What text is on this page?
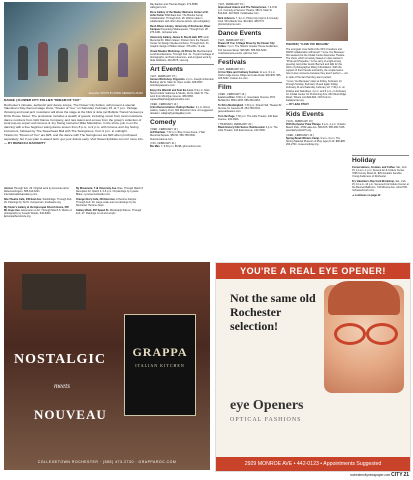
Ensemble. PHOTO BY ROBIN GERMANY-LOUGH

DANCE | FLOWER CITY FOLLIES "DREAM OF YOU"

Rochester's intimate, authentic jazz dance troupe, The Flower City Follies, will present a special Valentine's Day-themed stage show, "Dream of You," on Saturday, February 15, at 7 p.m. Vintage-throwing and local jazz musicians will show the stage at the Nick & Julie (at Multiple Transit Venues) a DOG House Street. The production includes a wealth of guests, including music from local musicians, dance numbers from Glitz Dance Company, and rare talent and emcee from the group's collection of local pop-up expert and Groove & Joy Swing instructor Mike Mandolino. In the show, join in on the dancing with a free beginner swing dance lesson from 8 p.m. to 9 p.m. with Groove and Joy Swing instructors, followed by The Sweetheart Ball with The Swingtones, from 9 p.m. to midnight.

Tickets for "Dream of You" are $25, and the dance with The Swingtones are $20 when purchased separately, but if you plan to attend both, get your tickets early. Visit flowercityfollies.com for more info. — BY REBECCA RAFFERTY

Amicus Through Feb. 29. Original work by American artist Rebecca Rogers. 585-613-5221. internationalartsacademy.com.

Site Theatre Café, 340 East Ave. Stockbridge. Through Feb. 29. Paintings by Tod N. Cooperman. tinstheatre.org.

My Sister's Gallery at the Episcopal Church Home, 505 Mt. Hope Ave. Adventures in Art. Through March 6. Works of photography by Joseph Woods. 546-8400. EpiscopalSeniorLife.org.

Ny Movement, 7 Hi University Ave. Rise. Through March 8. Reception Fri. March 6, 6-8 p.m. Oil paintings by Lynette Blake. nymovementstudio.com.

Orange Glory Cafe, 240 East Ave. A Heroine Sample. Through Feb. 29. Large-scale and cut paintings by the Rochester Heroine-Team.

Gallery Ward, 287 Speed St. Mississippi Silence. Through Feb. 27. Paintings on oil and acrylic.

Ray Easton and Thomas Ragan. 272-5888. valleyjazz.com.

Ross Gallery of the Skalny Welcome Center at St. John Fisher 3690 East Ave. The Brooks Group Collaboration. Through Feb. 28. Works made in collaboration with other diverse artists. sjfc.edu/gallery.

Rush Rhees Library, University of Rochester, River Campus Presenting Shakespeare. Through Feb. 28. 275-4461. rochester.edu.

University Gallery, James E. Booth Hall, RIT Lomb Memorial Dr. Milton Glaser: Posters from the Hanesh Center for Design Studies Archives. Through Feb. 21. Graphic design of Milton Glaser. 475-2411. rit.edu.

Visual Studies Workshop, 31 Prince St. Mechanical & Lucid Recollections. Through Feb. 21. Tri-part trunkage of photographs, archival references, and art glass work by Aida Goldstein. 442-8676. vsw.org.

Art Events

[ SAT., FEBRUARY 15 ]
Amoun Workshop: Drypoints. 2 p.m. Joseph Arboretum Building 112 E. Main St. Open studio. 489-9537. fromthegrapevine.com.

Enjoy the Warmth and Feel the Love. 5-9 p.m. Main Street Artists' Galleries & Studio, 112 E. Main St. The work from MoniQue Greene. 389-0683. squaredfilephotographystudios.com.

[ WED., FEBRUARY 19 ]
Artist Demonstration: Kathryn Barker. 2 p.m. Direct Gallery, Gallery of Art, 300 Rosethorn Ave. Art suggested donation. calligraphyartistgallery.com.

Comedy

[ WED., FEBRUARY 19 ]
Jeff Dunham. 7:30 p.m. Blue Cross Arena, 1 War Memorial Square. $56.50. 585-758-5300. bluecrossarena.com.

[ FRI., FEBRUARY 21 ]
Bio Max. 7, 9:30 p.m. $5-$8. glimmerbox.com.

[ SAT., FEBRUARY 15 ]
Improvised Jokers and The Twistertones. 7 & 9:30 p.m. Comedy at Seneca Theatre, 980 S. Main St. $12-$10. 322-5400. hiciatheater.com.

Nick Johnson. 7, 9 p.m. Photo City Improv & Comedy Club, 543 Atlantic Ave. $10-$15. 4807770. photocityimprov.com.

Dance Events

[ SAT., FEBRUARY 15 ]
Dream Of You: A Stage Show by the Flower City Follies. 7 p.m. The Historic Greater House Auditorium, 101 Geneva Street. $25-$30. 585-563-5242. muichsseneca.events. glimmer.com.

Festivals

[ SAT., FEBRUARY 15 ]
Art Ice Wine and Culinary Festival. 11 a.m.-5 p.m. Clark Lodge Arena, Ridge and Lake Road. $30-$35. 585-223-5222. crocker-inn.com.

Film

[ WED., FEBRUARY 19 ]
Love is a Kiss. 6:30 p.m. Greenlaws Cinema, 2571 Buffalo Rd. 8500-1093. 585-250-6363.

To Kill a Mockingbird. 7:30 p.m. Strand Hall, Theater 82 Sunrise St. Geneva 35. 253-789-5151. genevatheaters.com.

Turn the Page. 7:30 p.m. The Little Theatre, 240 East Avenue. 232-3906.

[ THURSDAY, FEBRUARY 20 ]
Black History Film Series: Bamboozled. 6 p.m. The Little Theatre, 240 East Avenue. 232-3906.

THEATER | "I LOVE YOU BECAUSE"

The energetic crew behind the OFC Creations and RAPR collaboration will launch "I Love You Because" this weekend at the Kodak Center Executive Theatre. The show, which is loosely based on Jane Austen's "Pride and Prejudice," is the story of a light-strung greeting card writer Austin Bennett and falls for the whim of photographer Marcy Fitzwilliams. With the support of their friends and family, the couple learns how to love someone because they aren't perfect — not in spite of the fact that they aren't perfect.

"I Love You Because" plays at Friday, February 14 through Sunday, February 16 and again Friday, February 21 and Saturday, February 22. 7:30 p.m. on Fridays and Saturdays, 2 p.m. and 6 p.m. on February 16. Kodak Center for Performing Arts, 200 West Ridge Road. Tickets cost $22-$24. OFCS & Co. kodakcenter.org.

— BY LEAH STACY

Kids Events

[ SUN., FEBRUARY 16 ]
2016 Rochester Polar Plunge. 9 a.m.-1 p.m. Ontario Beach Park, 4799 Lake Ave. $50-$75. 585-386-7436. specialolympicsNY.org.

[ WED., FEBRUARY 19 ]
Spring Break Winters Camp. 9 a.m.-3 p.m. The Strong National Museum of Play. Ages 6-10. $80-$95. 263-2700. museumofplay.org.

Holiday

Conversations, Cookies, and Coffee. Sat., Feb. 15, 11 a.m.-1 p.m. Seneca Art & Culture Center, 7095 County Road 41. $20 donation benefits Young Audiences of Rochester.

Fry Valentine's Day Card Workshop. Sat., Feb. 15, 10 a.m.-12 p.m. Seneca Art & Culture Center at the Bennett Ballroom, 743 Monroe Ave. 244-2700. rochesterbrush.com.

➜ continues on page 22

GRAPPA
ITALIAN KITCHEN
NOSTALGIC
meets
NOUVEAU
COLLEGETOWN ROCHESTER · (585) 473-2730 · GRAPPAROC.COM
YOU'RE A REAL EYE OPENER!
Not the same old Rochester selection!
eye Openers
OPTICAL FASHIONS
2929 MONROE AVE • 442-0123 • Appointments Suggested
rochestercitynewspaper.com CITY 21
